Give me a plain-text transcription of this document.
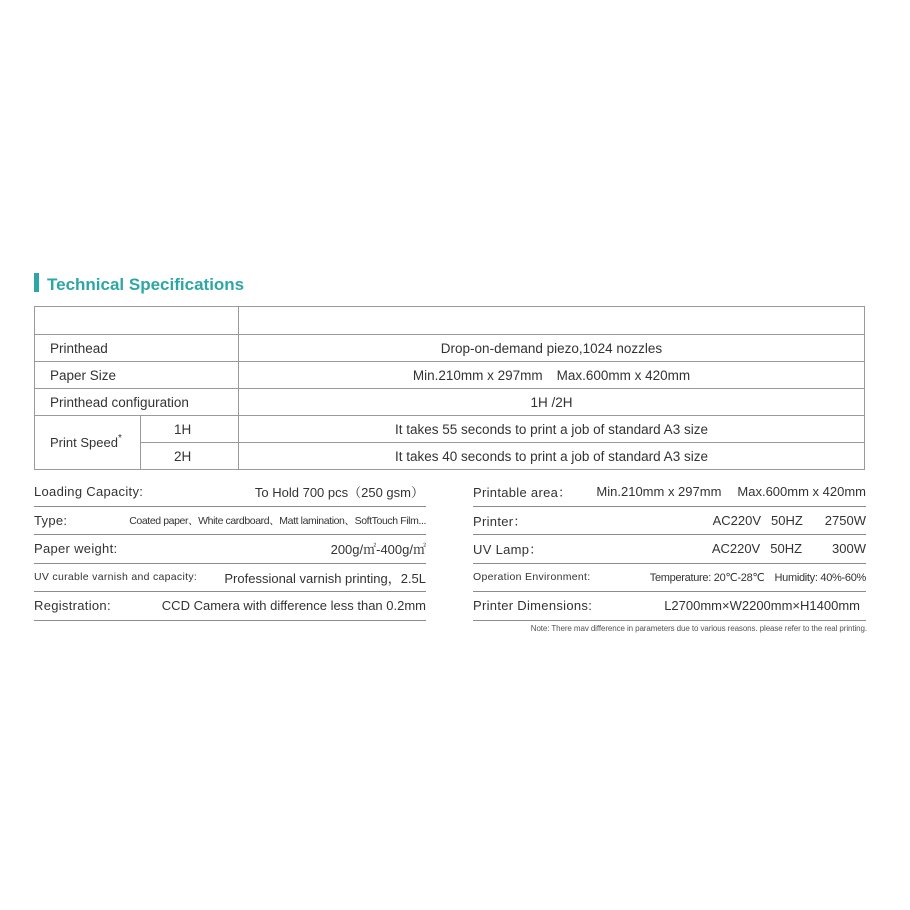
Technical Specifications

Printhead		Drop-on-demand piezo,1024 nozzles
Paper Size		Min.210mm x 297mm Max.600mm x 420mm
Printhead configuration		1H /2H
Print Speed*	1H	It takes 55 seconds to print a job of standard A3 size
	2H	It takes 40 seconds to print a job of standard A3 size
Loading Capacity:	To Hold 700 pcs（250 gsm）
Type:	Coated paper、White cardboard、Matt lamination、SoftTouch Film...
Paper weight:	200g/㎡-400g/㎡
UV curable varnish and capacity: Professional varnish printing，2.5L
Registration:	CCD Camera with difference less than 0.2mm
Printable area： Min.210mm x 297mm Max.600mm x 420mm
Printer：	AC220V 50HZ 2750W
UV Lamp：	AC220V 50HZ 300W
Operation Environment:	Temperature: 20℃-28℃ Humidity: 40%-60%
Printer Dimensions:	L2700mm×W2200mm×H1400mm
Note: There mav difference in parameters due to various reasons. please refer to the real printing.
